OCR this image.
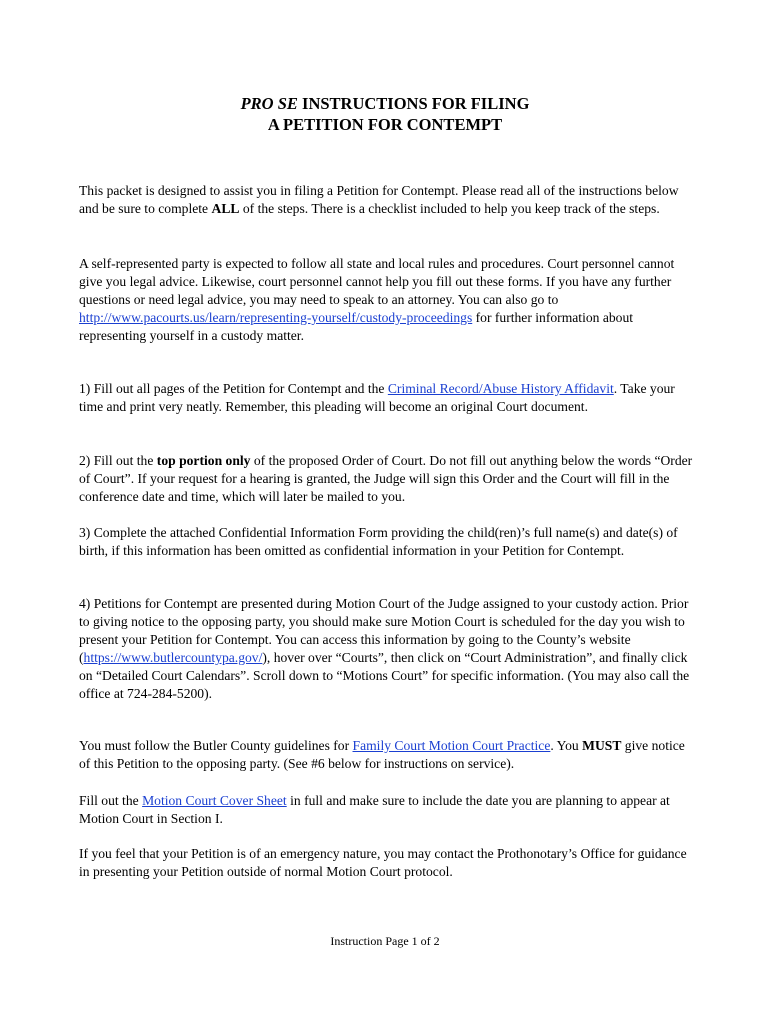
PRO SE INSTRUCTIONS FOR FILING
A PETITION FOR CONTEMPT

This packet is designed to assist you in filing a Petition for Contempt. Please read all of the instructions below and be sure to complete ALL of the steps. There is a checklist included to help you keep track of the steps.

A self-represented party is expected to follow all state and local rules and procedures. Court personnel cannot give you legal advice. Likewise, court personnel cannot help you fill out these forms. If you have any further questions or need legal advice, you may need to speak to an attorney. You can also go to http://www.pacourts.us/learn/representing-yourself/custody-proceedings for further information about representing yourself in a custody matter.

1) Fill out all pages of the Petition for Contempt and the Criminal Record/Abuse History Affidavit. Take your time and print very neatly. Remember, this pleading will become an original Court document.

2) Fill out the top portion only of the proposed Order of Court. Do not fill out anything below the words “Order of Court”. If your request for a hearing is granted, the Judge will sign this Order and the Court will fill in the conference date and time, which will later be mailed to you.

3) Complete the attached Confidential Information Form providing the child(ren)’s full name(s) and date(s) of birth, if this information has been omitted as confidential information in your Petition for Contempt.

4) Petitions for Contempt are presented during Motion Court of the Judge assigned to your custody action. Prior to giving notice to the opposing party, you should make sure Motion Court is scheduled for the day you wish to present your Petition for Contempt. You can access this information by going to the County’s website (https://www.butlercountypa.gov/), hover over “Courts”, then click on “Court Administration”, and finally click on “Detailed Court Calendars”. Scroll down to “Motions Court” for specific information. (You may also call the office at 724-284-5200).

You must follow the Butler County guidelines for Family Court Motion Court Practice. You MUST give notice of this Petition to the opposing party. (See #6 below for instructions on service).

Fill out the Motion Court Cover Sheet in full and make sure to include the date you are planning to appear at Motion Court in Section I.

If you feel that your Petition is of an emergency nature, you may contact the Prothonotary’s Office for guidance in presenting your Petition outside of normal Motion Court protocol.

Instruction Page 1 of 2
